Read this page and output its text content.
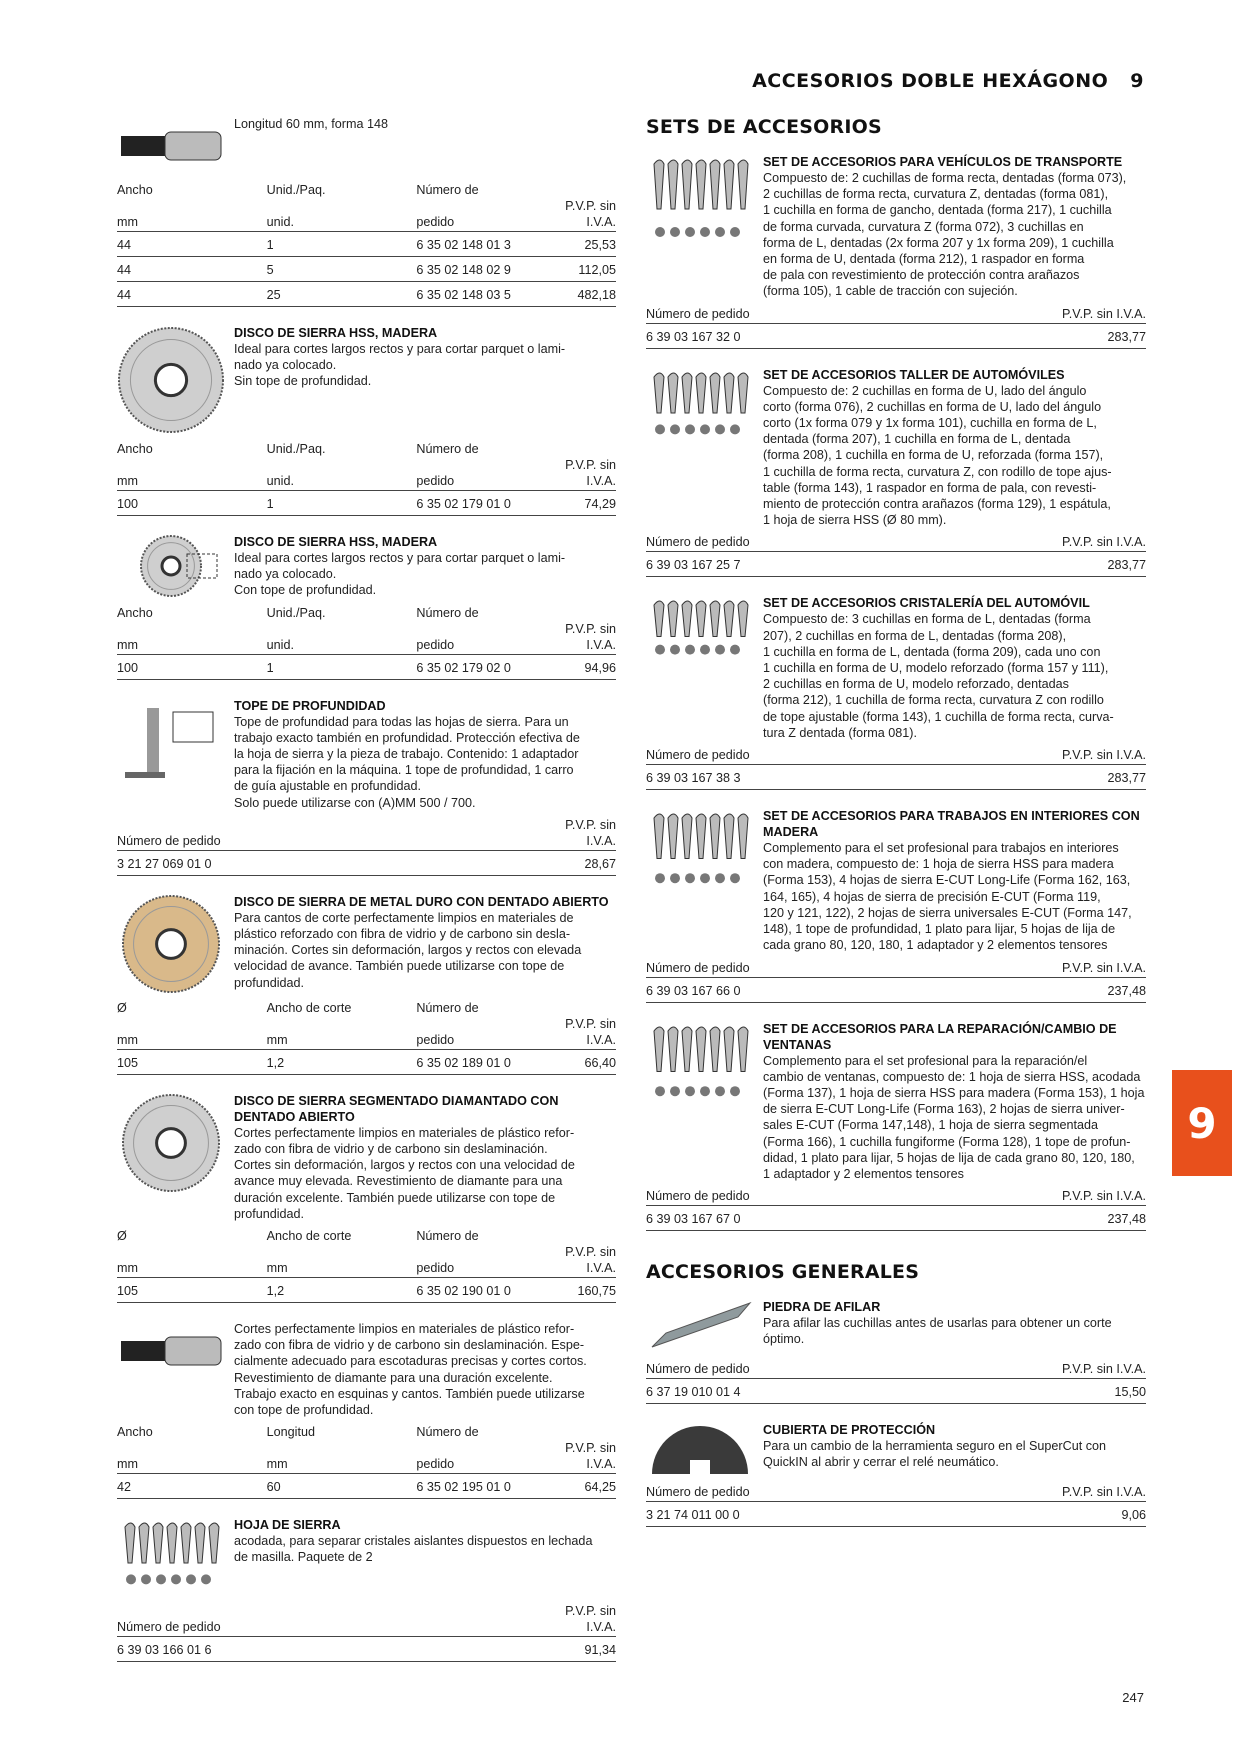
ACCESORIOS DOBLE HEXÁGONO 9
Longitud 60 mm, forma 148
Ancho	Unid./Paq.	Número de	
mm	unid.	pedido	P.V.P. sin I.V.A.
44	1	6 35 02 148 01 3	25,53
44	5	6 35 02 148 02 9	112,05
44	25	6 35 02 148 03 5	482,18
DISCO DE SIERRA HSS, MADERA
Ideal para cortes largos rectos y para cortar parquet o lami-
nado ya colocado.
Sin tope de profundidad.
Ancho	Unid./Paq.	Número de	
mm	unid.	pedido	P.V.P. sin I.V.A.
100	1	6 35 02 179 01 0	74,29
DISCO DE SIERRA HSS, MADERA
Ideal para cortes largos rectos y para cortar parquet o lami-
nado ya colocado.
Con tope de profundidad.
Ancho	Unid./Paq.	Número de	
mm	unid.	pedido	P.V.P. sin I.V.A.
100	1	6 35 02 179 02 0	94,96
TOPE DE PROFUNDIDAD
Tope de profundidad para todas las hojas de sierra. Para un
trabajo exacto también en profundidad. Protección efectiva de
la hoja de sierra y la pieza de trabajo. Contenido: 1 adaptador
para la fijación en la máquina. 1 tope de profundidad, 1 carro
de guía ajustable en profundidad.
Solo puede utilizarse con (A)MM 500 / 700.
Número de pedido			P.V.P. sin I.V.A.
3 21 27 069 01 0			28,67
DISCO DE SIERRA DE METAL DURO CON DENTADO ABIERTO
Para cantos de corte perfectamente limpios en materiales de
plástico reforzado con fibra de vidrio y de carbono sin desla-
minación. Cortes sin deformación, largos y rectos con elevada
velocidad de avance. También puede utilizarse con tope de
profundidad.
Ø	Ancho de corte	Número de	
mm	mm	pedido	P.V.P. sin I.V.A.
105	1,2	6 35 02 189 01 0	66,40
DISCO DE SIERRA SEGMENTADO DIAMANTADO CON DENTADO ABIERTO
Cortes perfectamente limpios en materiales de plástico refor-
zado con fibra de vidrio y de carbono sin deslaminación.
Cortes sin deformación, largos y rectos con una velocidad de
avance muy elevada. Revestimiento de diamante para una
duración excelente. También puede utilizarse con tope de
profundidad.
Ø	Ancho de corte	Número de	
mm	mm	pedido	P.V.P. sin I.V.A.
105	1,2	6 35 02 190 01 0	160,75
Cortes perfectamente limpios en materiales de plástico refor-
zado con fibra de vidrio y de carbono sin deslaminación. Espe-
cialmente adecuado para escotaduras precisas y cortes cortos.
Revestimiento de diamante para una duración excelente.
Trabajo exacto en esquinas y cantos. También puede utilizarse
con tope de profundidad.
Ancho	Longitud	Número de	
mm	mm	pedido	P.V.P. sin I.V.A.
42	60	6 35 02 195 01 0	64,25
HOJA DE SIERRA
acodada, para separar cristales aislantes dispuestos en lechada
de masilla. Paquete de 2
Número de pedido			P.V.P. sin I.V.A.
6 39 03 166 01 6			91,34
SETS DE ACCESORIOS
SET DE ACCESORIOS PARA VEHÍCULOS DE TRANSPORTE
Compuesto de: 2 cuchillas de forma recta, dentadas (forma 073),
2 cuchillas de forma recta, curvatura Z, dentadas (forma 081),
1 cuchilla en forma de gancho, dentada (forma 217), 1 cuchilla
de forma curvada, curvatura Z (forma 072), 3 cuchillas en
forma de L, dentadas (2x forma 207 y 1x forma 209), 1 cuchilla
en forma de U, dentada (forma 212), 1 raspador en forma
de pala con revestimiento de protección contra arañazos
(forma 105), 1 cable de tracción con sujeción.
Número de pedido	P.V.P. sin I.V.A.
6 39 03 167 32 0	283,77
SET DE ACCESORIOS TALLER DE AUTOMÓVILES
Compuesto de: 2 cuchillas en forma de U, lado del ángulo
corto (forma 076), 2 cuchillas en forma de U, lado del ángulo
corto (1x forma 079 y 1x forma 101), cuchilla en forma de L,
dentada (forma 207), 1 cuchilla en forma de L, dentada
(forma 208), 1 cuchilla en forma de U, reforzada (forma 157),
1 cuchilla de forma recta, curvatura Z, con rodillo de tope ajus-
table (forma 143), 1 raspador en forma de pala, con revesti-
miento de protección contra arañazos (forma 129), 1 espátula,
1 hoja de sierra HSS (Ø 80 mm).
Número de pedido	P.V.P. sin I.V.A.
6 39 03 167 25 7	283,77
SET DE ACCESORIOS CRISTALERÍA DEL AUTOMÓVIL
Compuesto de: 3 cuchillas en forma de L, dentadas (forma
207), 2 cuchillas en forma de L, dentadas (forma 208),
1 cuchilla en forma de L, dentada (forma 209), cada uno con
1 cuchilla en forma de U, modelo reforzado (forma 157 y 111),
2 cuchillas en forma de U, modelo reforzado, dentadas
(forma 212), 1 cuchilla de forma recta, curvatura Z con rodillo
de tope ajustable (forma 143), 1 cuchilla de forma recta, curva-
tura Z dentada (forma 081).
Número de pedido	P.V.P. sin I.V.A.
6 39 03 167 38 3	283,77
SET DE ACCESORIOS PARA TRABAJOS EN INTERIORES CON MADERA
Complemento para el set profesional para trabajos en interiores
con madera, compuesto de: 1 hoja de sierra HSS para madera
(Forma 153), 4 hojas de sierra E-CUT Long-Life (Forma 162, 163,
164, 165), 4 hojas de sierra de precisión E-CUT (Forma 119,
120 y 121, 122), 2 hojas de sierra universales E-CUT (Forma 147,
148), 1 tope de profundidad, 1 plato para lijar, 5 hojas de lija de
cada grano 80, 120, 180, 1 adaptador y 2 elementos tensores
Número de pedido	P.V.P. sin I.V.A.
6 39 03 167 66 0	237,48
SET DE ACCESORIOS PARA LA REPARACIÓN/CAMBIO DE VENTANAS
Complemento para el set profesional para la reparación/el
cambio de ventanas, compuesto de: 1 hoja de sierra HSS, acodada
(Forma 137), 1 hoja de sierra HSS para madera (Forma 153), 1 hoja
de sierra E-CUT Long-Life (Forma 163), 2 hojas de sierra univer-
sales E-CUT (Forma 147,148), 1 hoja de sierra segmentada
(Forma 166), 1 cuchilla fungiforme (Forma 128), 1 tope de profun-
didad, 1 plato para lijar, 5 hojas de lija de cada grano 80, 120, 180,
1 adaptador y 2 elementos tensores
Número de pedido	P.V.P. sin I.V.A.
6 39 03 167 67 0	237,48
ACCESORIOS GENERALES
PIEDRA DE AFILAR
Para afilar las cuchillas antes de usarlas para obtener un corte
óptimo.
Número de pedido	P.V.P. sin I.V.A.
6 37 19 010 01 4	15,50
CUBIERTA DE PROTECCIÓN
Para un cambio de la herramienta seguro en el SuperCut con
QuickIN al abrir y cerrar el relé neumático.
Número de pedido	P.V.P. sin I.V.A.
3 21 74 011 00 0	9,06
9
247
